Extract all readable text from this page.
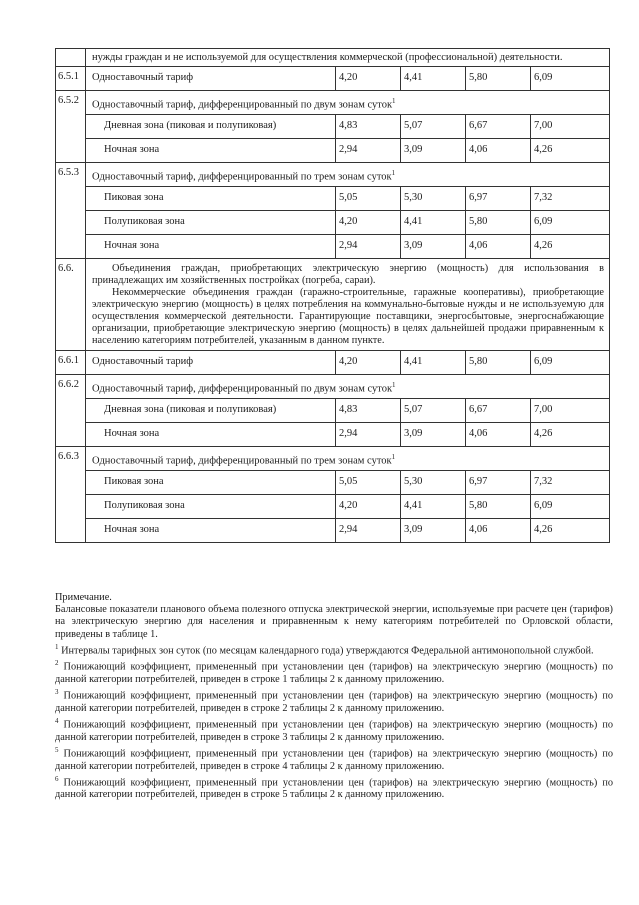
нужды граждан и не используемой для осуществления коммерческой (профессиональной) деятельности.
6.5.1	Одноставочный тариф	4,20	4,41	5,80	6,09
6.5.2	Одноставочный тариф, дифференцированный по двум зонам суток$^1$
Дневная зона (пиковая и полупиковая)	4,83	5,07	6,67	7,00
Ночная зона	2,94	3,09	4,06	4,26
6.5.3	Одноставочный тариф, дифференцированный по трем зонам суток$^1$
Пиковая зона	5,05	5,30	6,97	7,32
Полупиковая зона	4,20	4,41	5,80	6,09
Ночная зона	2,94	3,09	4,06	4,26
6.6.	Объединения граждан, приобретающих электрическую энергию (мощность) для использования в принадлежащих им хозяйственных постройках (погреба, сараи).

Некоммерческие объединения граждан (гаражно-строительные, гаражные кооперативы), приобретающие электрическую энергию (мощность) в целях потребления на коммунально-бытовые нужды и не используемую для осуществления коммерческой деятельности. Гарантирующие поставщики, энергосбытовые, энергоснабжающие организации, приобретающие электрическую энергию (мощность) в целях дальнейшей продажи приравненным к населению категориям потребителей, указанным в данном пункте.

6.6.1	Одноставочный тариф	4,20	4,41	5,80	6,09
6.6.2	Одноставочный тариф, дифференцированный по двум зонам суток$^1$
Дневная зона (пиковая и полупиковая)	4,83	5,07	6,67	7,00
Ночная зона	2,94	3,09	4,06	4,26
6.6.3	Одноставочный тариф, дифференцированный по трем зонам суток$^1$
Пиковая зона	5,05	5,30	6,97	7,32
Полупиковая зона	4,20	4,41	5,80	6,09
Ночная зона	2,94	3,09	4,06	4,26

Примечание.

Балансовые показатели планового объема полезного отпуска электрической энергии, используемые при расчете цен (тарифов) на электрическую энергию для населения и приравненным к нему категориям потребителей по Орловской области, приведены в таблице 1.

$^1$ Интервалы тарифных зон суток (по месяцам календарного года) утверждаются Федеральной антимонопольной службой.

$^2$ Понижающий коэффициент, примененный при установлении цен (тарифов) на электрическую энергию (мощность) по данной категории потребителей, приведен в строке 1 таблицы 2 к данному приложению.

$^3$ Понижающий коэффициент, примененный при установлении цен (тарифов) на электрическую энергию (мощность) по данной категории потребителей, приведен в строке 2 таблицы 2 к данному приложению.

$^4$ Понижающий коэффициент, примененный при установлении цен (тарифов) на электрическую энергию (мощность) по данной категории потребителей, приведен в строке 3 таблицы 2 к данному приложению.

$^5$ Понижающий коэффициент, примененный при установлении цен (тарифов) на электрическую энергию (мощность) по данной категории потребителей, приведен в строке 4 таблицы 2 к данному приложению.

$^6$ Понижающий коэффициент, примененный при установлении цен (тарифов) на электрическую энергию (мощность) по данной категории потребителей, приведен в строке 5 таблицы 2 к данному приложению.
